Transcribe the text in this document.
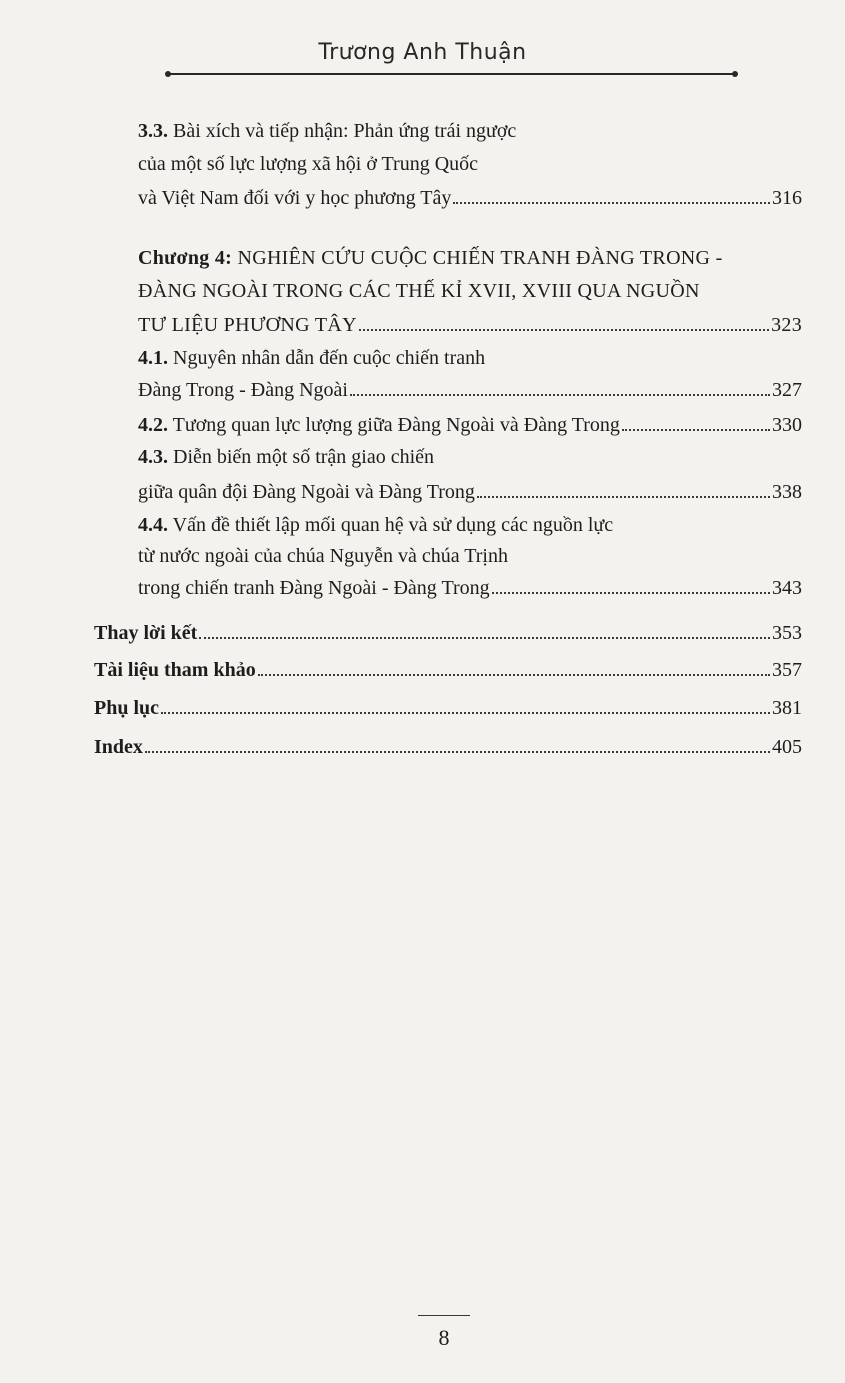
Trương Anh Thuận
3.3. Bài xích và tiếp nhận: Phản ứng trái ngược
của một số lực lượng xã hội ở Trung Quốc
và Việt Nam đối với y học phương Tây	316
Chương 4: NGHIÊN CỨU CUỘC CHIẾN TRANH ĐÀNG TRONG -
ĐÀNG NGOÀI TRONG CÁC THẾ KỈ XVII, XVIII QUA NGUỒN
TƯ LIỆU PHƯƠNG TÂY	323
4.1. Nguyên nhân dẫn đến cuộc chiến tranh
Đàng Trong - Đàng Ngoài	327
4.2. Tương quan lực lượng giữa Đàng Ngoài và Đàng Trong	330
4.3. Diễn biến một số trận giao chiến
giữa quân đội Đàng Ngoài và Đàng Trong	338
4.4. Vấn đề thiết lập mối quan hệ và sử dụng các nguồn lực
từ nước ngoài của chúa Nguyễn và chúa Trịnh
trong chiến tranh Đàng Ngoài - Đàng Trong	343
Thay lời kết	353
Tài liệu tham khảo	357
Phụ lục	381
Index	405
8
